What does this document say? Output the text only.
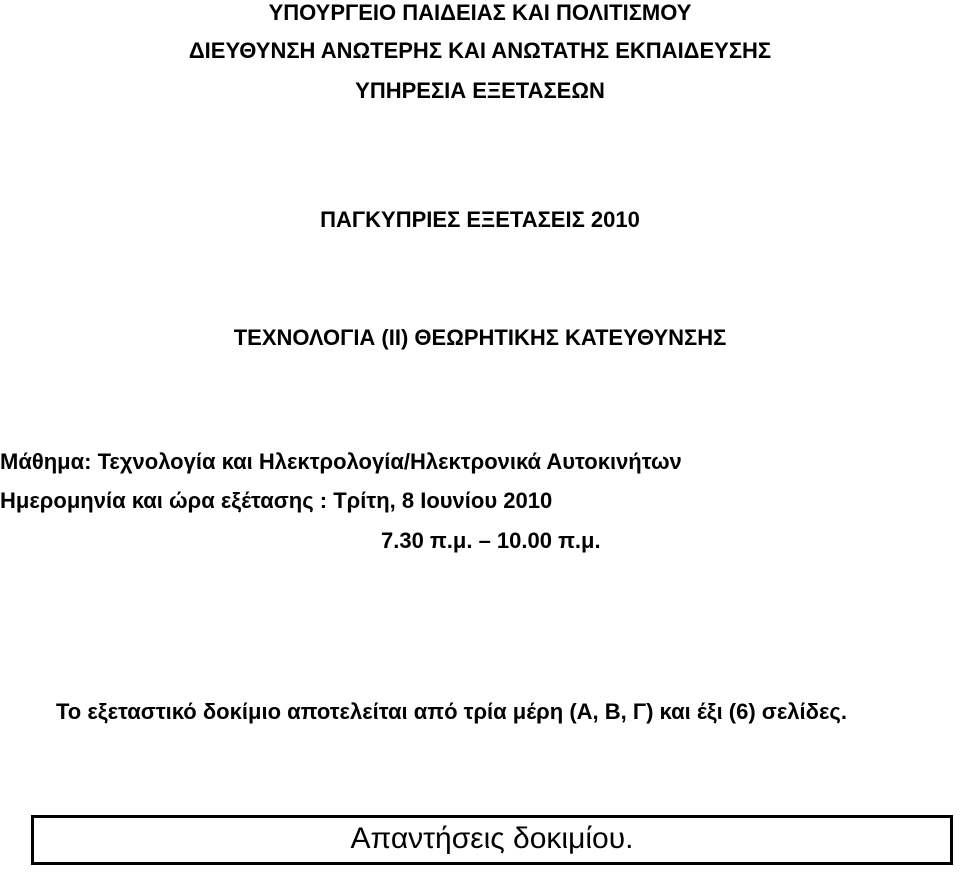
ΥΠΟΥΡΓΕΙΟ ΠΑΙΔΕΙΑΣ ΚΑΙ ΠΟΛΙΤΙΣΜΟΥ
ΔΙΕΥΘΥΝΣΗ ΑΝΩΤΕΡΗΣ ΚΑΙ ΑΝΩΤΑΤΗΣ ΕΚΠΑΙΔΕΥΣΗΣ
ΥΠΗΡΕΣΙΑ ΕΞΕΤΑΣΕΩΝ
ΠΑΓΚΥΠΡΙΕΣ ΕΞΕΤΑΣΕΙΣ 2010
ΤΕΧΝΟΛΟΓΙΑ (ΙΙ) ΘΕΩΡΗΤΙΚΗΣ ΚΑΤΕΥΘΥΝΣΗΣ
Μάθημα: Τεχνολογία και Ηλεκτρολογία/Ηλεκτρονικά Αυτοκινήτων
Ημερομηνία και ώρα εξέτασης : Τρίτη, 8 Ιουνίου 2010
7.30 π.μ. – 10.00 π.μ.
Το εξεταστικό δοκίμιο αποτελείται από τρία μέρη (Α, Β, Γ) και έξι (6) σελίδες.
Απαντήσεις δοκιμίου.
